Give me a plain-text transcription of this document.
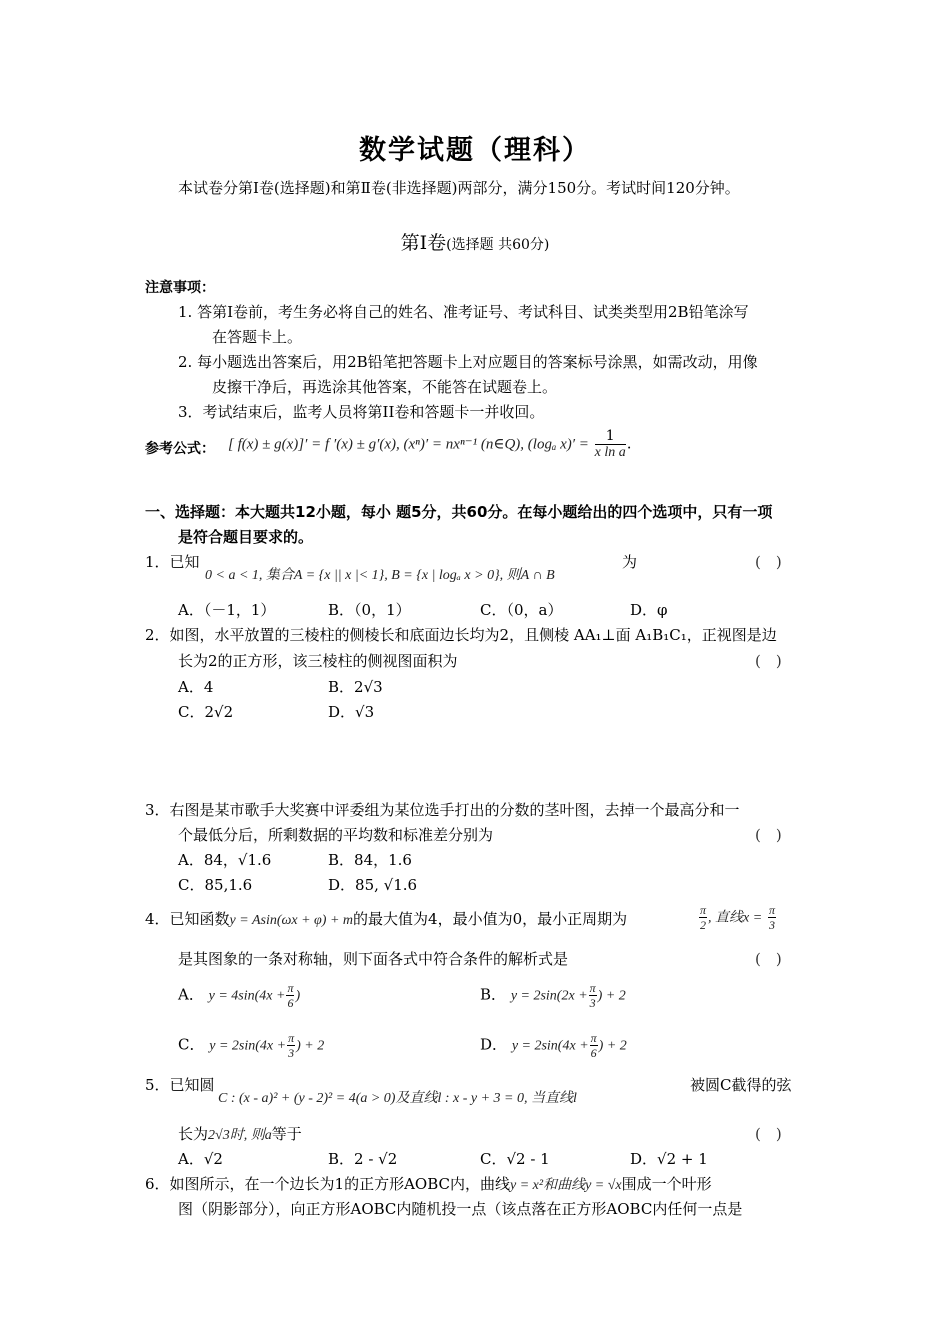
数学试题（理科）
本试卷分第Ⅰ卷(选择题)和第Ⅱ卷(非选择题)两部分，满分150分。考试时间120分钟。
第Ⅰ卷(选择题 共60分)
注意事项：
1. 答第I卷前，考生务必将自己的姓名、准考证号、考试科目、试类类型用2B铅笔涂写
在答题卡上。
2. 每小题选出答案后，用2B铅笔把答题卡上对应题目的答案标号涂黑，如需改动，用像
皮擦干净后，再选涂其他答案，不能答在试题卷上。
3．考试结束后，监考人员将第II卷和答题卡一并收回。
参考公式： [ f(x) ± g(x)]′ = f ′(x) ± g′(x), (xⁿ)′ = nxⁿ⁻¹ (n∈Q), (logₐ $x)' = \frac{1}{\text{x ln a}}$ .
一、选择题：本大题共12小题，每小 题5分，共60分。在每小题给出的四个选项中，只有一项
是符合题目要求的。
1．已知
0 < a < 1, 集合A = {x || x |< 1}, B = {x | logₐ x > 0}, 则A ∩ B
为	(　)
A．（－1，1）	B．（0，1）	C．（0，a）	D．φ
2．如图，水平放置的三棱柱的侧棱长和底面边长均为2，且侧棱 AA₁⊥面 A₁B₁C₁，正视图是边
长为2的正方形，该三棱柱的侧视图面积为	(　)
A．4	B．2√3
C．2√2	D．√3
3．右图是某市歌手大奖赛中评委组为某位选手打出的分数的茎叶图，去掉一个最高分和一
个最低分后，所剩数据的平均数和标准差分别为	(　)
A．84，√1.6	B．84，1.6
C．85,1.6	D．85, √1.6
4．已知函数y = Asin(ωx + φ) + m的最大值为4，最小值为0，最小正周期为	$\frac{\pi}{2}$ , 直线$x = \frac{\pi}{3}$
是其图象的一条对称轴，则下面各式中符合条件的解析式是	(　)
A． $y = 4\sin(4x + \frac{\pi}{6}$ )	B． $y = 2\sin(2x + \frac{\pi}{3}$ ) + 2
C． $y = 2\sin(4x + \frac{\pi}{3}$ ) + 2	D． $y = 2\sin(4x + \frac{\pi}{6}$ ) + 2
5．已知圆
C : (x - a)² + (y - 2)² = 4(a > 0)及直线l : x - y + 3 = 0, 当直线l
被圆C截得的弦
长为2√3时, 则a等于	(　)
A．√2	B．2 - √2	C．√2 - 1	D．√2 + 1
6．如图所示，在一个边长为1的正方形AOBC内，曲线y = x²和曲线y = √x围成一个叶形
图（阴影部分），向正方形AOBC内随机投一点（该点落在正方形AOBC内任何一点是
